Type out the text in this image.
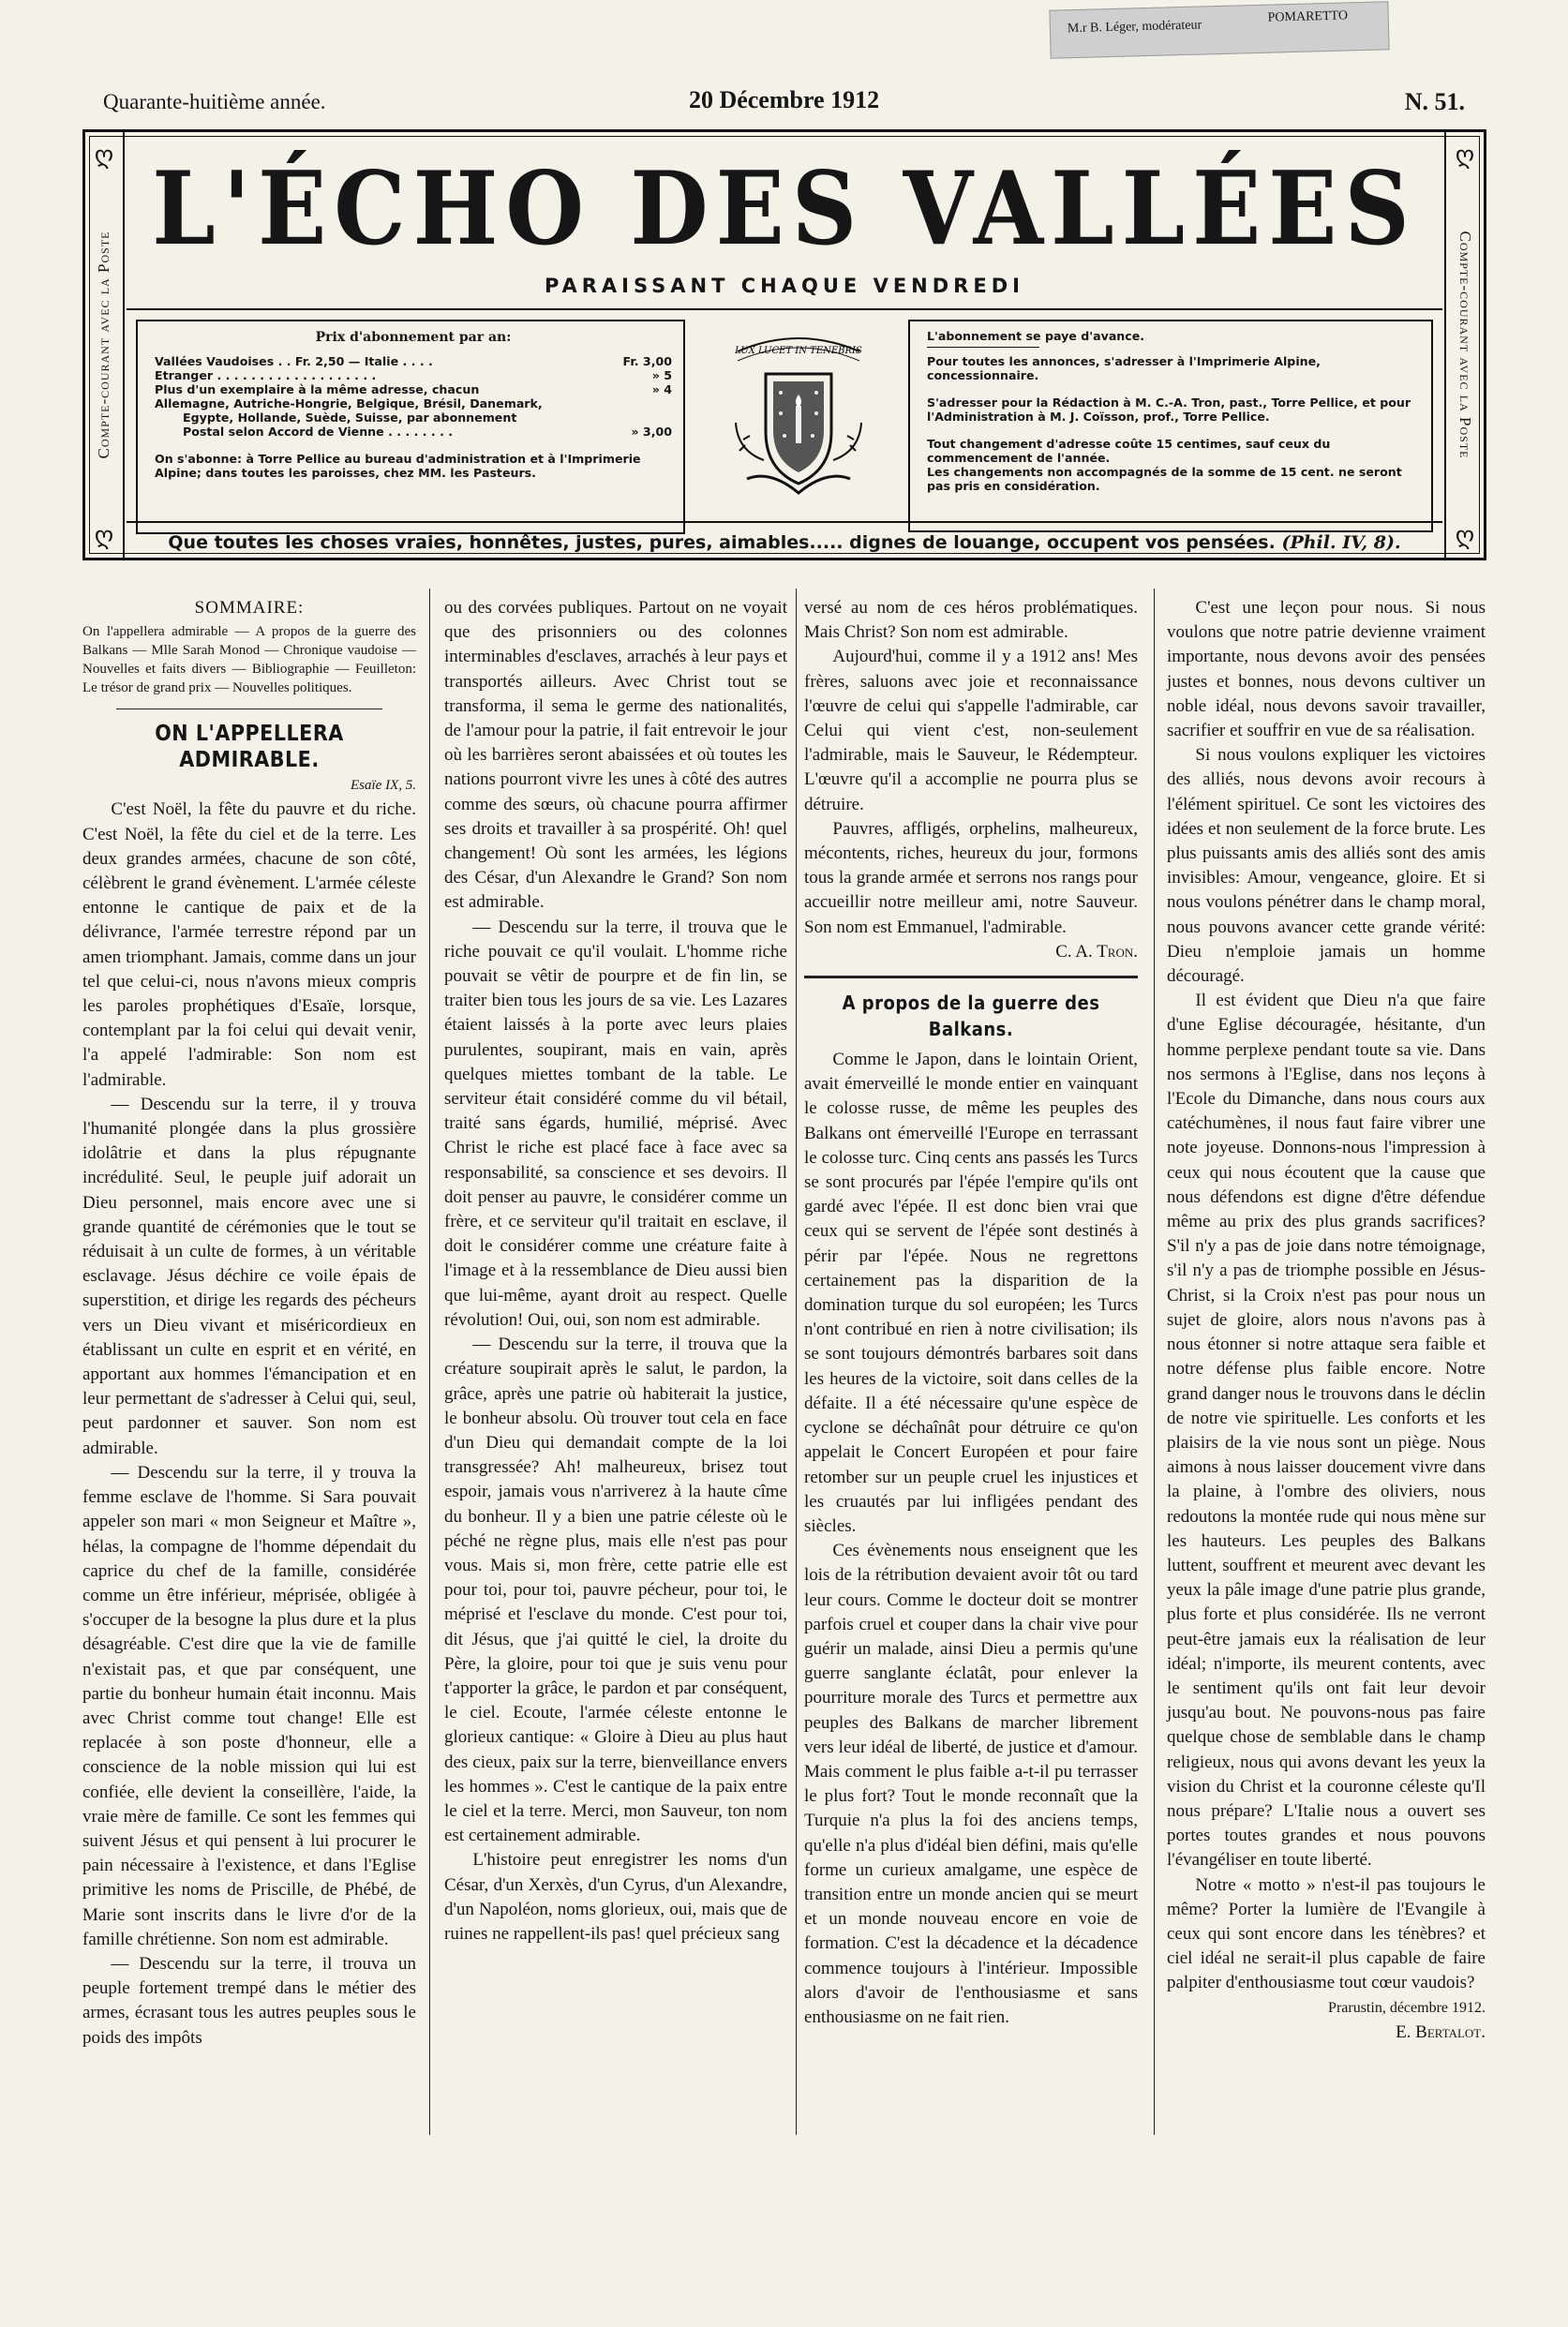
M.r B. Léger, modérateur
POMARETTO
Quarante-huitième année.	20 Décembre 1912	N. 51.
ღ
Compte-courant avec la Poste
ღ
ღ
Compte-courant avec la Poste
ღ
L'ÉCHO DES VALLÉES
PARAISSANT CHAQUE VENDREDI
Prix d'abonnement par an:
Vallées Vaudoises . . Fr. 2,50 — Italie . . . .	Fr. 3,00
Etranger . . . . . . . . . . . . . . . . . . .	» 5
Plus d'un exemplaire à la même adresse, chacun	» 4
Allemagne, Autriche-Hongrie, Belgique, Brésil, Danemark,
Egypte, Hollande, Suède, Suisse, par abonnement
Postal selon Accord de Vienne . . . . . . . .	» 3,00
On s'abonne: à Torre Pellice au bureau d'administration et à l'Imprimerie Alpine; dans toutes les paroisses, chez MM. les Pasteurs.
LUX LUCET IN TENEBRIS
L'abonnement se paye d'avance.
Pour toutes les annonces, s'adresser à l'Imprimerie Alpine, concessionnaire.
S'adresser pour la Rédaction à M. C.-A. Tron, past., Torre Pellice, et pour l'Administration à M. J. Coïsson, prof., Torre Pellice.
Tout changement d'adresse coûte 15 centimes, sauf ceux du commencement de l'année.
Les changements non accompagnés de la somme de 15 cent. ne seront pas pris en considération.
Que toutes les choses vraies, honnêtes, justes, pures, aimables..... dignes de louange, occupent vos pensées. (Phil. IV, 8).
SOMMAIRE:

On l'appellera admirable — A propos de la guerre des Balkans — Mlle Sarah Monod — Chronique vaudoise — Nouvelles et faits divers — Bibliographie — Feuilleton: Le trésor de grand prix — Nouvelles politiques.

ON L'APPELLERA ADMIRABLE.
Esaïe IX, 5.

C'est Noël, la fête du pauvre et du riche. C'est Noël, la fête du ciel et de la terre. Les deux grandes armées, chacune de son côté, célèbrent le grand évènement. L'armée céleste entonne le cantique de paix et de la délivrance, l'armée terrestre répond par un amen triomphant. Jamais, comme dans un jour tel que celui-ci, nous n'avons mieux compris les paroles prophétiques d'Esaïe, lorsque, contemplant par la foi celui qui devait venir, l'a appelé l'admirable: Son nom est l'admirable.

— Descendu sur la terre, il y trouva l'humanité plongée dans la plus grossière idolâtrie et dans la plus répugnante incrédulité. Seul, le peuple juif adorait un Dieu personnel, mais encore avec une si grande quantité de cérémonies que le tout se réduisait à un culte de formes, à un véritable esclavage. Jésus déchire ce voile épais de superstition, et dirige les regards des pécheurs vers un Dieu vivant et miséricordieux en établissant un culte en esprit et en vérité, en apportant aux hommes l'émancipation et en leur permettant de s'adresser à Celui qui, seul, peut pardonner et sauver. Son nom est admirable.

— Descendu sur la terre, il y trouva la femme esclave de l'homme. Si Sara pouvait appeler son mari « mon Seigneur et Maître », hélas, la compagne de l'homme dépendait du caprice du chef de la famille, considérée comme un être inférieur, méprisée, obligée à s'occuper de la besogne la plus dure et la plus désagréable. C'est dire que la vie de famille n'existait pas, et que par conséquent, une partie du bonheur humain était inconnu. Mais avec Christ comme tout change! Elle est replacée à son poste d'honneur, elle a conscience de la noble mission qui lui est confiée, elle devient la conseillère, l'aide, la vraie mère de famille. Ce sont les femmes qui suivent Jésus et qui pensent à lui procurer le pain nécessaire à l'existence, et dans l'Eglise primitive les noms de Priscille, de Phébé, de Marie sont inscrits dans le livre d'or de la famille chrétienne. Son nom est admirable.

— Descendu sur la terre, il trouva un peuple fortement trempé dans le métier des armes, écrasant tous les autres peuples sous le poids des impôts

ou des corvées publiques. Partout on ne voyait que des prisonniers ou des colonnes interminables d'esclaves, arrachés à leur pays et transportés ailleurs. Avec Christ tout se transforma, il sema le germe des nationalités, de l'amour pour la patrie, il fait entrevoir le jour où les barrières seront abaissées et où toutes les nations pourront vivre les unes à côté des autres comme des sœurs, où chacune pourra affirmer ses droits et travailler à sa prospérité. Oh! quel changement! Où sont les armées, les légions des César, d'un Alexandre le Grand? Son nom est admirable.

— Descendu sur la terre, il trouva que le riche pouvait ce qu'il voulait. L'homme riche pouvait se vêtir de pourpre et de fin lin, se traiter bien tous les jours de sa vie. Les Lazares étaient laissés à la porte avec leurs plaies purulentes, soupirant, mais en vain, après quelques miettes tombant de la table. Le serviteur était considéré comme du vil bétail, traité sans égards, humilié, méprisé. Avec Christ le riche est placé face à face avec sa responsabilité, sa conscience et ses devoirs. Il doit penser au pauvre, le considérer comme un frère, et ce serviteur qu'il traitait en esclave, il doit le considérer comme une créature faite à l'image et à la ressemblance de Dieu aussi bien que lui-même, ayant droit au respect. Quelle révolution! Oui, oui, son nom est admirable.

— Descendu sur la terre, il trouva que la créature soupirait après le salut, le pardon, la grâce, après une patrie où habiterait la justice, le bonheur absolu. Où trouver tout cela en face d'un Dieu qui demandait compte de la loi transgressée? Ah! malheureux, brisez tout espoir, jamais vous n'arriverez à la haute cîme du bonheur. Il y a bien une patrie céleste où le péché ne règne plus, mais elle n'est pas pour vous. Mais si, mon frère, cette patrie elle est pour toi, pour toi, pauvre pécheur, pour toi, le méprisé et l'esclave du monde. C'est pour toi, dit Jésus, que j'ai quitté le ciel, la droite du Père, la gloire, pour toi que je suis venu pour t'apporter la grâce, le pardon et par conséquent, le ciel. Ecoute, l'armée céleste entonne le glorieux cantique: « Gloire à Dieu au plus haut des cieux, paix sur la terre, bienveillance envers les hommes ». C'est le cantique de la paix entre le ciel et la terre. Merci, mon Sauveur, ton nom est certainement admirable.

L'histoire peut enregistrer les noms d'un César, d'un Xerxès, d'un Cyrus, d'un Alexandre, d'un Napoléon, noms glorieux, oui, mais que de ruines ne rappellent-ils pas! quel précieux sang

versé au nom de ces héros problématiques. Mais Christ? Son nom est admirable.

Aujourd'hui, comme il y a 1912 ans! Mes frères, saluons avec joie et reconnaissance l'œuvre de celui qui s'appelle l'admirable, car Celui qui vient c'est, non-seulement l'admirable, mais le Sauveur, le Rédempteur. L'œuvre qu'il a accomplie ne pourra plus se détruire.

Pauvres, affligés, orphelins, malheureux, mécontents, riches, heureux du jour, formons tous la grande armée et serrons nos rangs pour accueillir notre meilleur ami, notre Sauveur. Son nom est Emmanuel, l'admirable.

C. A. Tron.
A propos de la guerre des Balkans.

Comme le Japon, dans le lointain Orient, avait émerveillé le monde entier en vainquant le colosse russe, de même les peuples des Balkans ont émerveillé l'Europe en terrassant le colosse turc. Cinq cents ans passés les Turcs se sont procurés par l'épée l'empire qu'ils ont gardé avec l'épée. Il est donc bien vrai que ceux qui se servent de l'épée sont destinés à périr par l'épée. Nous ne regrettons certainement pas la disparition de la domination turque du sol européen; les Turcs n'ont contribué en rien à notre civilisation; ils se sont toujours démontrés barbares soit dans les heures de la victoire, soit dans celles de la défaite. Il a été nécessaire qu'une espèce de cyclone se déchaînât pour détruire ce qu'on appelait le Concert Européen et pour faire retomber sur un peuple cruel les injustices et les cruautés par lui infligées pendant des siècles.

Ces évènements nous enseignent que les lois de la rétribution devaient avoir tôt ou tard leur cours. Comme le docteur doit se montrer parfois cruel et couper dans la chair vive pour guérir un malade, ainsi Dieu a permis qu'une guerre sanglante éclatât, pour enlever la pourriture morale des Turcs et permettre aux peuples des Balkans de marcher librement vers leur idéal de liberté, de justice et d'amour. Mais comment le plus faible a-t-il pu terrasser le plus fort? Tout le monde reconnaît que la Turquie n'a plus la foi des anciens temps, qu'elle n'a plus d'idéal bien défini, mais qu'elle forme un curieux amalgame, une espèce de transition entre un monde ancien qui se meurt et un monde nouveau encore en voie de formation. C'est la décadence et la décadence commence toujours à l'intérieur. Impossible alors d'avoir de l'enthousiasme et sans enthousiasme on ne fait rien.

C'est une leçon pour nous. Si nous voulons que notre patrie devienne vraiment importante, nous devons avoir des pensées justes et bonnes, nous devons cultiver un noble idéal, nous devons savoir travailler, sacrifier et souffrir en vue de sa réalisation.

Si nous voulons expliquer les victoires des alliés, nous devons avoir recours à l'élément spirituel. Ce sont les victoires des idées et non seulement de la force brute. Les plus puissants amis des alliés sont des amis invisibles: Amour, vengeance, gloire. Et si nous voulons pénétrer dans le champ moral, nous pouvons avancer cette grande vérité: Dieu n'emploie jamais un homme découragé.

Il est évident que Dieu n'a que faire d'une Eglise découragée, hésitante, d'un homme perplexe pendant toute sa vie. Dans nos sermons à l'Eglise, dans nos leçons à l'Ecole du Dimanche, dans nous cours aux catéchumènes, il nous faut faire vibrer une note joyeuse. Donnons-nous l'impression à ceux qui nous écoutent que la cause que nous défendons est digne d'être défendue même au prix des plus grands sacrifices? S'il n'y a pas de joie dans notre témoignage, s'il n'y a pas de triomphe possible en Jésus-Christ, si la Croix n'est pas pour nous un sujet de gloire, alors nous n'avons pas à nous étonner si notre attaque sera faible et notre défense plus faible encore. Notre grand danger nous le trouvons dans le déclin de notre vie spirituelle. Les conforts et les plaisirs de la vie nous sont un piège. Nous aimons à nous laisser doucement vivre dans la plaine, à l'ombre des oliviers, nous redoutons la montée rude qui nous mène sur les hauteurs. Les peuples des Balkans luttent, souffrent et meurent avec devant les yeux la pâle image d'une patrie plus grande, plus forte et plus considérée. Ils ne verront peut-être jamais eux la réalisation de leur idéal; n'importe, ils meurent contents, avec le sentiment qu'ils ont fait leur devoir jusqu'au bout. Ne pouvons-nous pas faire quelque chose de semblable dans le champ religieux, nous qui avons devant les yeux la vision du Christ et la couronne céleste qu'Il nous prépare? L'Italie nous a ouvert ses portes toutes grandes et nous pouvons l'évangéliser en toute liberté.

Notre « motto » n'est-il pas toujours le même? Porter la lumière de l'Evangile à ceux qui sont encore dans les ténèbres? et ciel idéal ne serait-il plus capable de faire palpiter d'enthousiasme tout cœur vaudois?

Prarustin, décembre 1912.
E. Bertalot.
